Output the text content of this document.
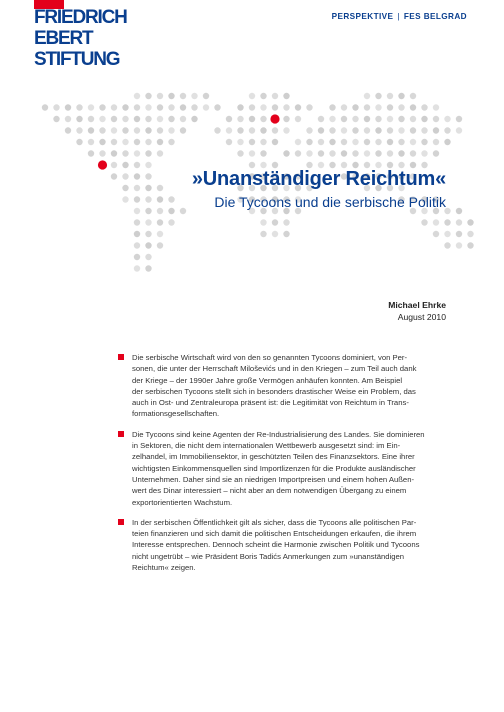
FRIEDRICH
EBERT
STIFTUNG
PERSPEKTIVE | FES BELGRAD
»Unanständiger Reichtum«
Die Tycoons und die serbische Politik
Michael Ehrke
August 2010

Die serbische Wirtschaft wird von den so genannten Tycoons dominiert, von Per-
sonen, die unter der Herrschaft Miloševićs und in den Kriegen – zum Teil auch dank
der Kriege – der 1990er Jahre große Vermögen anhäufen konnten. Am Beispiel
der serbischen Tycoons stellt sich in besonders drastischer Weise ein Problem, das
auch in Ost- und Zentraleuropa präsent ist: die Legitimität von Reichtum in Trans-
formationsgesellschaften.

Die Tycoons sind keine Agenten der Re-Industrialisierung des Landes. Sie dominieren
in Sektoren, die nicht dem internationalen Wettbewerb ausgesetzt sind: im Ein-
zelhandel, im Immobiliensektor, in geschützten Teilen des Finanzsektors. Eine ihrer
wichtigsten Einkommensquellen sind Importlizenzen für die Produkte ausländischer
Unternehmen. Daher sind sie an niedrigen Importpreisen und einem hohen Außen-
wert des Dinar interessiert – nicht aber an dem notwendigen Übergang zu einem
exportorientierten Wachstum.

In der serbischen Öffentlichkeit gilt als sicher, dass die Tycoons alle politischen Par-
teien finanzieren und sich damit die politischen Entscheidungen erkaufen, die ihrem
Interesse entsprechen. Dennoch scheint die Harmonie zwischen Politik und Tycoons
nicht ungetrübt – wie Präsident Boris Tadićs Anmerkungen zum »unanständigen
Reichtum« zeigen.
